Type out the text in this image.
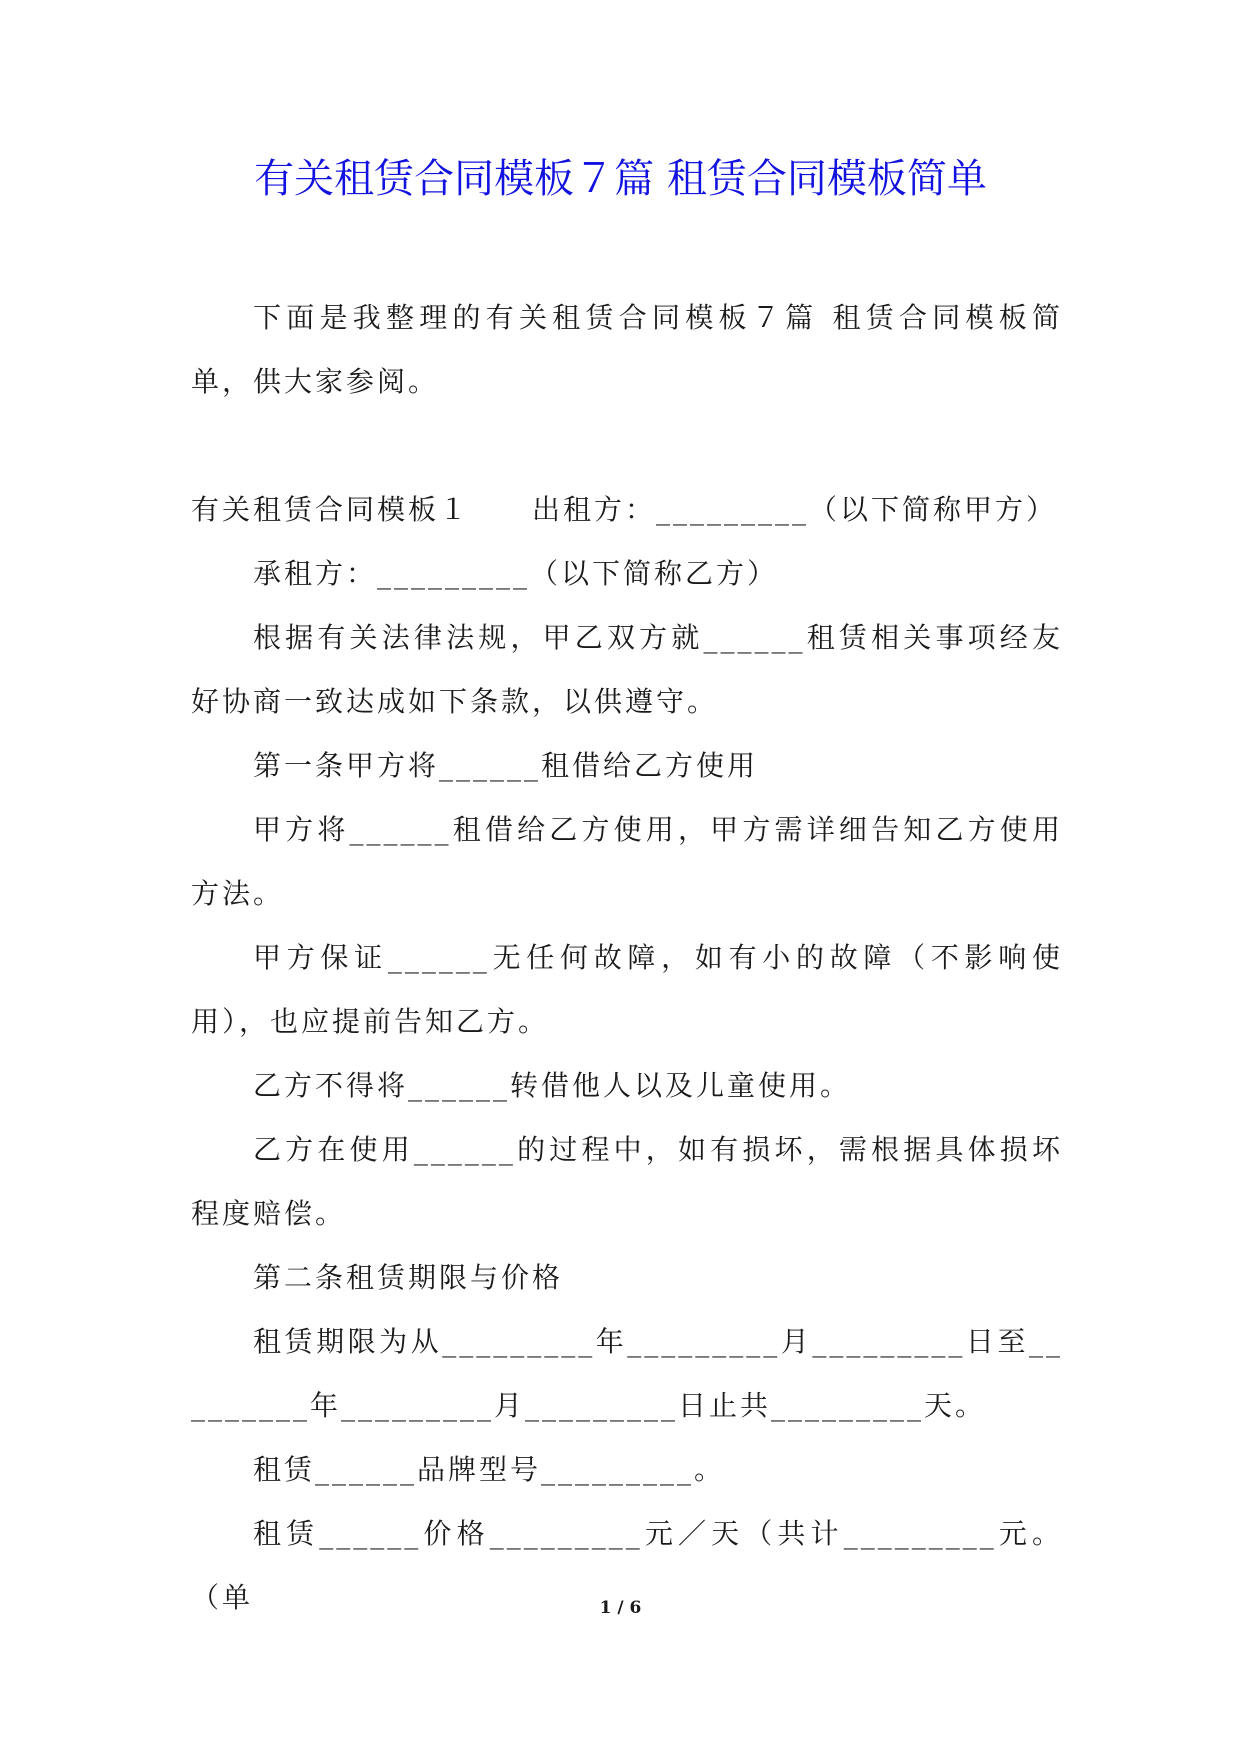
有关租赁合同模板７篇 租赁合同模板简单

下面是我整理的有关租赁合同模板７篇 租赁合同模板简单，供大家参阅。

有关租赁合同模板１ 出租方：_________（以下简称甲方）

承租方：_________（以下简称乙方）

根据有关法律法规，甲乙双方就______租赁相关事项经友好协商一致达成如下条款，以供遵守。

第一条甲方将______租借给乙方使用

甲方将______租借给乙方使用，甲方需详细告知乙方使用方法。

甲方保证______无任何故障，如有小的故障（不影响使用），也应提前告知乙方。

乙方不得将______转借他人以及儿童使用。

乙方在使用______的过程中，如有损坏，需根据具体损坏程度赔偿。

第二条租赁期限与价格

租赁期限为从_________年_________月_________日至_________年_________月_________日止共_________天。

租赁______品牌型号_________。

租赁______价格_________元／天（共计_________元。（单	1 / 6
